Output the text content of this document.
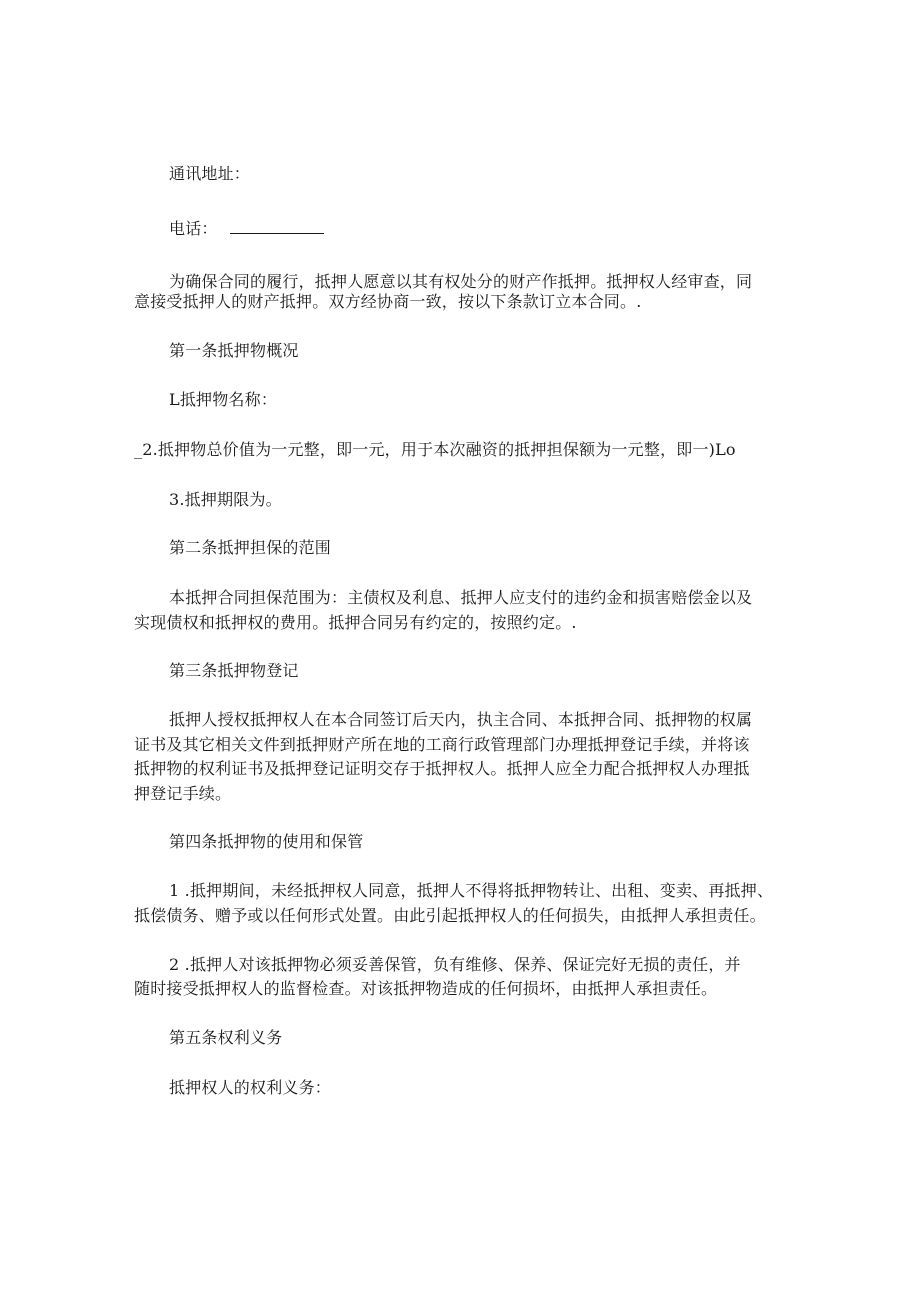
通讯地址：
电话：
为确保合同的履行，抵押人愿意以其有权处分的财产作抵押。抵押权人经审查，同
意接受抵押人的财产抵押。双方经协商一致，按以下条款订立本合同。.
第一条抵押物概况
L抵押物名称：
_2.抵押物总价值为一元整，即一元，用于本次融资的抵押担保额为一元整，即一)Lo
3.抵押期限为。
第二条抵押担保的范围
本抵押合同担保范围为：主债权及利息、抵押人应支付的违约金和损害赔偿金以及
实现债权和抵押权的费用。抵押合同另有约定的，按照约定。.
第三条抵押物登记
抵押人授权抵押权人在本合同签订后天内，执主合同、本抵押合同、抵押物的权属
证书及其它相关文件到抵押财产所在地的工商行政管理部门办理抵押登记手续，并将该
抵押物的权利证书及抵押登记证明交存于抵押权人。抵押人应全力配合抵押权人办理抵
押登记手续。
第四条抵押物的使用和保管
1 .抵押期间，未经抵押权人同意，抵押人不得将抵押物转让、出租、变卖、再抵押、
抵偿债务、赠予或以任何形式处置。由此引起抵押权人的任何损失，由抵押人承担责任。
2 .抵押人对该抵押物必须妥善保管，负有维修、保养、保证完好无损的责任，并
随时接受抵押权人的监督检查。对该抵押物造成的任何损坏，由抵押人承担责任。
第五条权利义务
抵押权人的权利义务：
